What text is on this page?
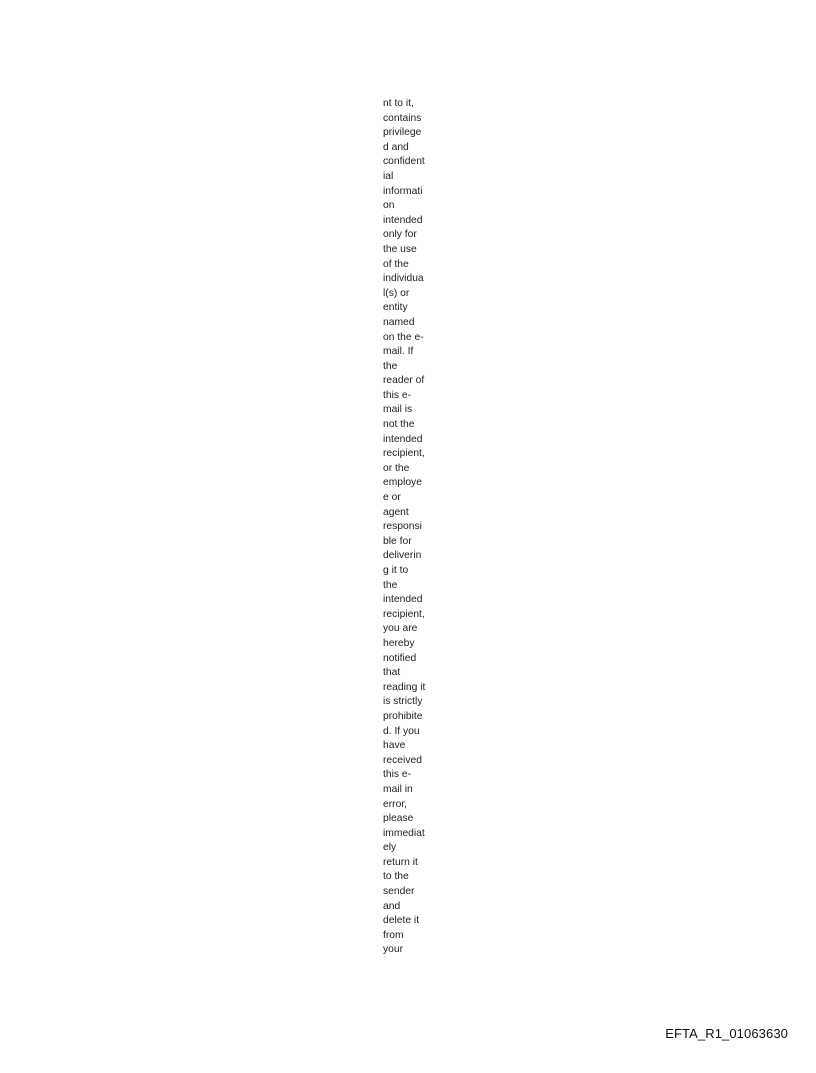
nt to it,
contains
privilege
d and
confident
ial
informati
on
intended
only for
the use
of the
individua
l(s) or
entity
named
on the e-
mail. If
the
reader of
this e-
mail is
not the
intended
recipient,
or the
employe
e or
agent
responsi
ble for
deliverin
g it to
the
intended
recipient,
you are
hereby
notified
that
reading it
is strictly
prohibite
d. If you
have
received
this e-
mail in
error,
please
immediat
ely
return it
to the
sender
and
delete it
from
your
EFTA_R1_01063630
